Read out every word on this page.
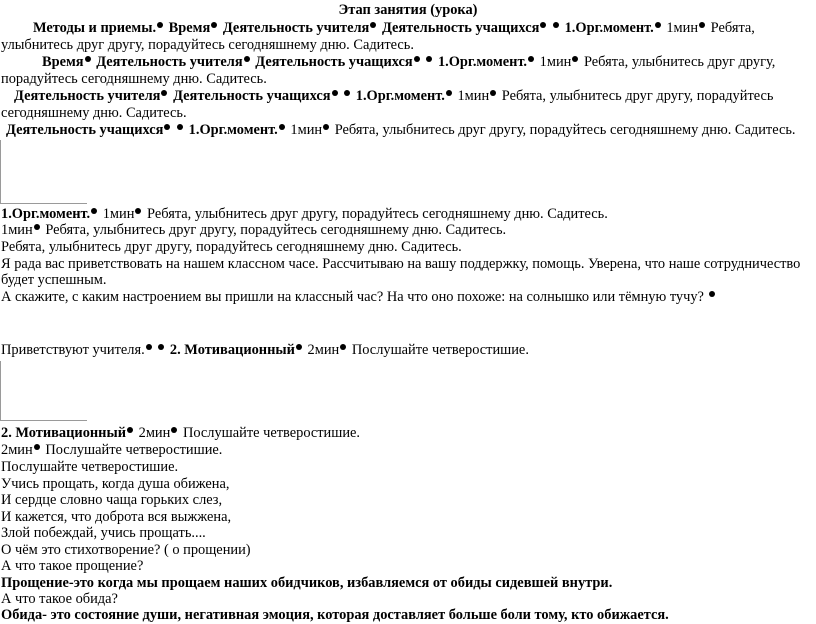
Этап занятия (урока)
Методы и приемы. Время Деятельность учителя Деятельность учащихся 1.Орг.момент. 1мин Ребята,
улыбнитесь друг другу, порадуйтесь сегодняшнему дню. Садитесь.
Время Деятельность учителя Деятельность учащихся 1.Орг.момент. 1мин Ребята, улыбнитесь друг другу,
порадуйтесь сегодняшнему дню. Садитесь.
Деятельность учителя Деятельность учащихся 1.Орг.момент. 1мин Ребята, улыбнитесь друг другу, порадуйтесь
сегодняшнему дню. Садитесь.
Деятельность учащихся 1.Орг.момент. 1мин Ребята, улыбнитесь друг другу, порадуйтесь сегодняшнему дню. Садитесь.
1.Орг.момент. 1мин Ребята, улыбнитесь друг другу, порадуйтесь сегодняшнему дню. Садитесь.
1мин Ребята, улыбнитесь друг другу, порадуйтесь сегодняшнему дню. Садитесь.
Ребята, улыбнитесь друг другу, порадуйтесь сегодняшнему дню. Садитесь.
Я рада вас приветствовать на нашем классном часе. Рассчитываю на вашу поддержку, помощь. Уверена, что наше сотрудничество
будет успешным.
А скажите, с каким настроением вы пришли на классный час? На что оно похоже: на солнышко или тёмную тучу?
Приветствуют учителя. 2. Мотивационный 2мин Послушайте четверостишие.
2. Мотивационный 2мин Послушайте четверостишие.
2мин Послушайте четверостишие.
Послушайте четверостишие.
Учись прощать, когда душа обижена,
И сердце словно чаща горьких слез,
И кажется, что доброта вся выжжена,
Злой побеждай, учись прощать....
О чём это стихотворение? ( о прощении)
А что такое прощение?
Прощение-это когда мы прощаем наших обидчиков, избавляемся от обиды сидевшей внутри.
А что такое обида?
Обида- это состояние души, негативная эмоция, которая доставляет больше боли тому, кто обижается.
